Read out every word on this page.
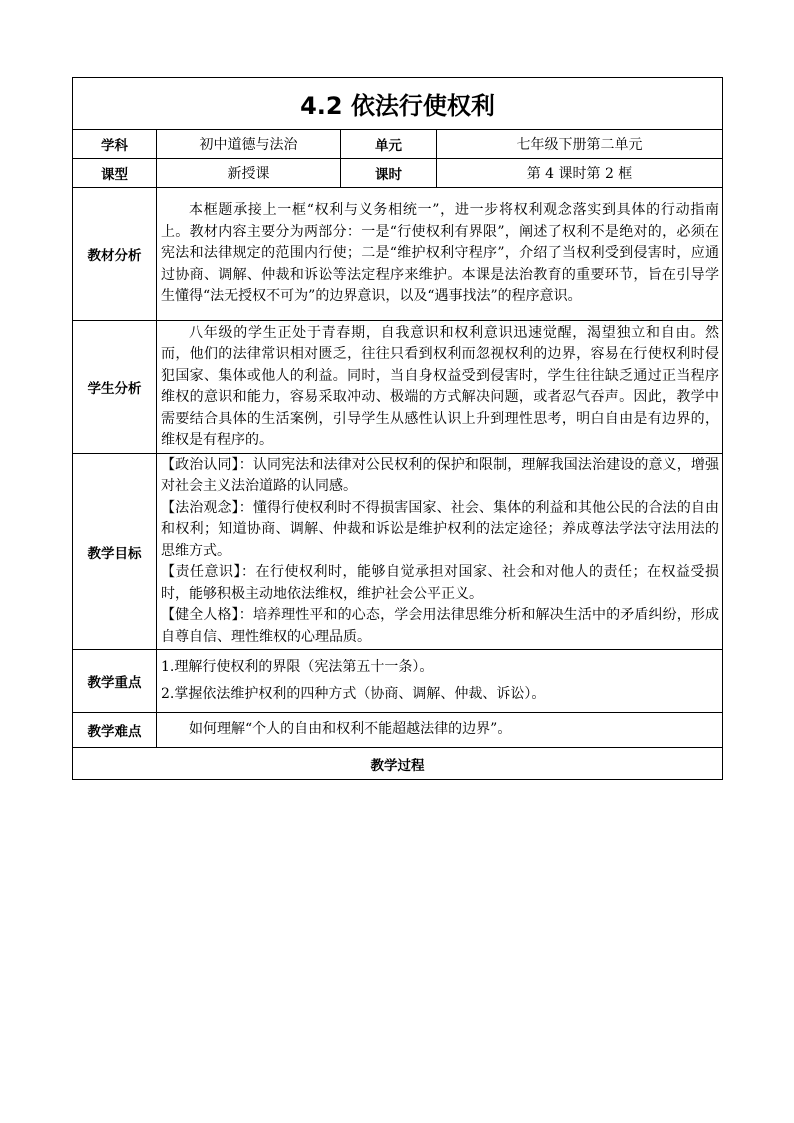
4.2 依法行使权利			
学科	初中道德与法治	单元	七年级下册第二单元
课型	新授课	课时	第 4 课时第 2 框
教材分析	本框题承接上一框“权利与义务相统一”，进一步将权利观念落实到具体的行动指南上。教材内容主要分为两部分：一是“行使权利有界限”，阐述了权利不是绝对的，必须在宪法和法律规定的范围内行使；二是“维护权利守程序”，介绍了当权利受到侵害时，应通过协商、调解、仲裁和诉讼等法定程序来维护。本课是法治教育的重要环节，旨在引导学生懂得“法无授权不可为”的边界意识，以及“遇事找法”的程序意识。		

学生分析	八年级的学生正处于青春期，自我意识和权利意识迅速觉醒，渴望独立和自由。然而，他们的法律常识相对匮乏，往往只看到权利而忽视权利的边界，容易在行使权利时侵犯国家、集体或他人的利益。同时，当自身权益受到侵害时，学生往往缺乏通过正当程序维权的意识和能力，容易采取冲动、极端的方式解决问题，或者忍气吞声。因此，教学中需要结合具体的生活案例，引导学生从感性认识上升到理性思考，明白自由是有边界的，维权是有程序的。		

教学目标	【政治认同】：认同宪法和法律对公民权利的保护和限制，理解我国法治建设的意义，增强对社会主义法治道路的认同感。

【法治观念】：懂得行使权利时不得损害国家、社会、集体的利益和其他公民的合法的自由和权利；知道协商、调解、仲裁和诉讼是维护权利的法定途径；养成尊法学法守法用法的思维方式。

【责任意识】：在行使权利时，能够自觉承担对国家、社会和对他人的责任；在权益受损时，能够积极主动地依法维权，维护社会公平正义。

【健全人格】：培养理性平和的心态，学会用法律思维分析和解决生活中的矛盾纠纷，形成自尊自信、理性维权的心理品质。		

教学重点	1.理解行使权利的界限（宪法第五十一条）。

2.掌握依法维护权利的四种方式（协商、调解、仲裁、诉讼）。		

教学难点	如何理解“个人的自由和权利不能超越法律的边界”。		

教学过程			
